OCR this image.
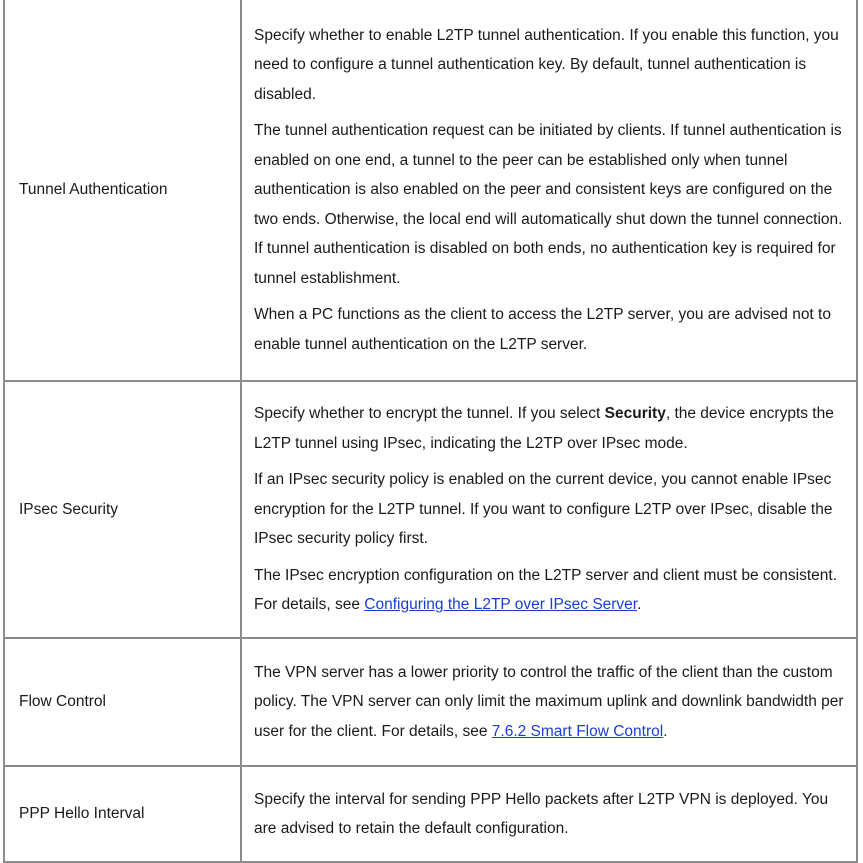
Tunnel Authentication	Specify whether to enable L2TP tunnel authentication. If you enable this function, you need to configure a tunnel authentication key. By default, tunnel authentication is disabled.

The tunnel authentication request can be initiated by clients. If tunnel authentication is enabled on one end, a tunnel to the peer can be established only when tunnel authentication is also enabled on the peer and consistent keys are configured on the two ends. Otherwise, the local end will automatically shut down the tunnel connection. If tunnel authentication is disabled on both ends, no authentication key is required for tunnel establishment.

When a PC functions as the client to access the L2TP server, you are advised not to enable tunnel authentication on the L2TP server.

IPsec Security	Specify whether to encrypt the tunnel. If you select Security, the device encrypts the L2TP tunnel using IPsec, indicating the L2TP over IPsec mode.

If an IPsec security policy is enabled on the current device, you cannot enable IPsec encryption for the L2TP tunnel. If you want to configure L2TP over IPsec, disable the IPsec security policy first.

The IPsec encryption configuration on the L2TP server and client must be consistent. For details, see Configuring the L2TP over IPsec Server.

Flow Control	The VPN server has a lower priority to control the traffic of the client than the custom policy. The VPN server can only limit the maximum uplink and downlink bandwidth per user for the client. For details, see 7.6.2 Smart Flow Control.

PPP Hello Interval	Specify the interval for sending PPP Hello packets after L2TP VPN is deployed. You are advised to retain the default configuration.
